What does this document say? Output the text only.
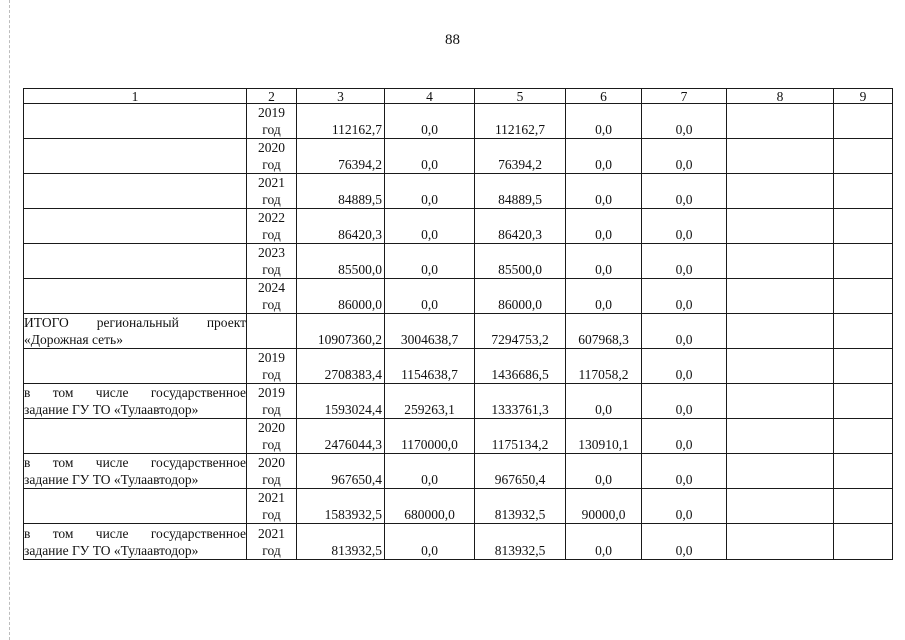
88
1	2	3	4	5	6	7	8	9

	2019
год	112162,7	0,0	112162,7	0,0	0,0		

	2020
год	76394,2	0,0	76394,2	0,0	0,0		

	2021
год	84889,5	0,0	84889,5	0,0	0,0		

	2022
год	86420,3	0,0	86420,3	0,0	0,0		

	2023
год	85500,0	0,0	85500,0	0,0	0,0		

	2024
год	86000,0	0,0	86000,0	0,0	0,0		

ИТОГО региональный проект
«Дорожная сеть»		10907360,2	3004638,7	7294753,2	607968,3	0,0		

	2019
год	2708383,4	1154638,7	1436686,5	117058,2	0,0		

в том числе государственное
задание ГУ ТО «Тулаавтодор»	2019
год	1593024,4	259263,1	1333761,3	0,0	0,0		

	2020
год	2476044,3	1170000,0	1175134,2	130910,1	0,0		

в том числе государственное
задание ГУ ТО «Тулаавтодор»	2020
год	967650,4	0,0	967650,4	0,0	0,0		

	2021
год	1583932,5	680000,0	813932,5	90000,0	0,0		

в том числе государственное
задание ГУ ТО «Тулаавтодор»	2021
год	813932,5	0,0	813932,5	0,0	0,0		
